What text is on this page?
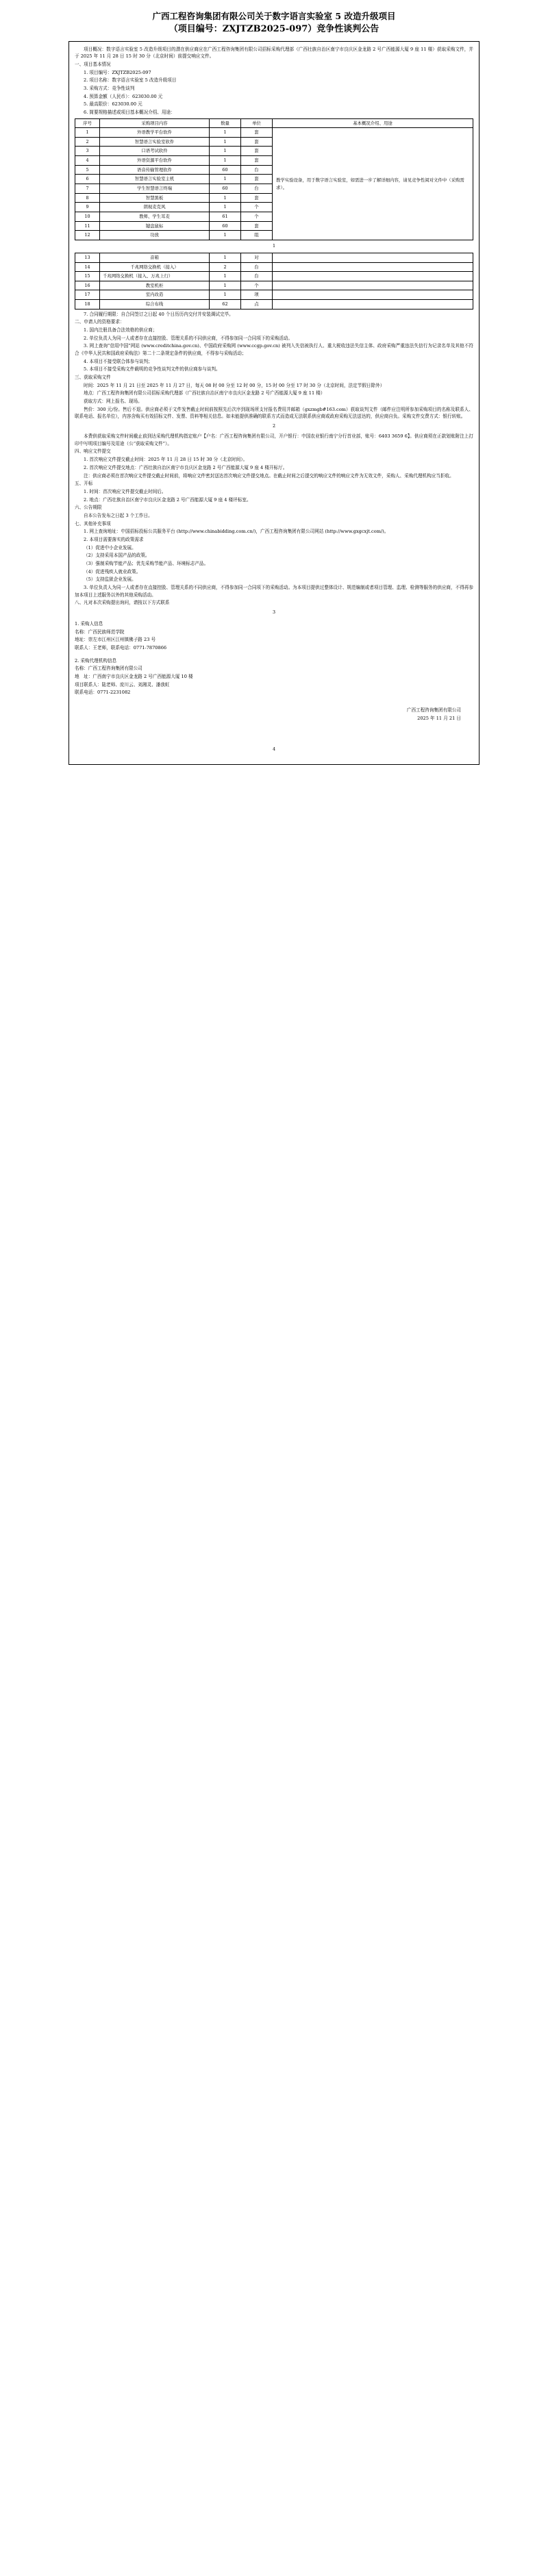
广西工程咨询集团有限公司关于数字语言实验室 5 改造升级项目
（项目编号：ZXJTZB2025-097）竞争性谈判公告

项目概况：数字语言实验室 5 改造升级项目的潜在供应商应在广西工程咨询集团有限公司招标采购代理部（广西壮族自治区南宁市良庆区金龙路 2 号广西能源大厦 9 座 11 楼）获取采购文件，并于 2025 年 11 月 28 日 15 时 30 分（北京时间）前提交响应文件。

一、项目基本情况

1. 项目编号：ZXJTZB2025-097

2. 项目名称：数字语言实验室 5 改造升级项目

3. 采购方式：竞争性谈判

4. 预算金额（人民币）：623030.00 元

5. 最高限价：623030.00 元

6. 简要规格描述或项目基本概况介绍、用途：

序号	采购项目内容	数量	单位	基本概况介绍、用途
1	外语教学平台软件	1	套	教学实验设备，用于数字语言实验室，如需进一步了解详细内容，请见竞争性阅对文件中（采购需求）。
2	智慧语言实验室软件	1	套	
3	口语考试软件	1	套	
4	外语资源平台软件	1	套	
5	语音传输管理软件	60	台	
6	智慧语言实验室主机	1	套	
7	学生智慧语言终端	60	台	
8	智慧黑板	1	套	
9	朗视麦克风	1	个	
10	教师、学生耳麦	61	个	
11	键盘鼠标	60	套	
12	功放	1	组	
1
13	音箱	1	对	
14	千兆网络交换机（接入）	2	台	
15	千兆网络交换机（接入、万兆上行）	1	台	
16	教室机柜	1	个	
17	室内改造	1	项	
18	综合布线	62	点	

7. 合同履行期限：自合同签订之日起 40 个日历历内交付并安装调试完毕。

二、申请人的资格要求：

1. 国内注册具备合法效格的供应商；

2. 单位负责人为同一人或者存在直接控股、管理关系的不同供应商，不得参加同一合同项下的采购活动。

3. 网上查询“信用中国”网站 (www.creditchina.gov.cn)、中国政府采购网 (www.ccgp.gov.cn) 被列入失信被执行人、重大税收违法失信主体、政府采购严重违法失信行为记录名单及其他不符合《中华人民共和国政府采购法》第二十二条规定条件的供应商，不得参与采购活动；

4. 本项目不接受联合体参与谈判；

5. 本项目不接受采购文件载明的竞争性谈判文件的供应商参与谈判。

三、获取采购文件

时间：2025 年 11 月 21 日至 2025 年 11 月 27 日，每天 08 时 00 分至 12 时 00 分，15 时 00 分至 17 时 30 分（北京时间，法定节假日除外）

地点：广西工程咨询集团有限公司招标采购代理部（广西壮族自治区南宁市良庆区金龙路 2 号广西能源大厦 9 座 11 楼）

获取方式：网上报名、现场。

售价：300 元/份。售后不退。供应商必须于文件发售截止时间前按照先后次序到现场所支付报名费用并邮箱（gxzmgb#163.com）获取谈判文件（邮件应注明所参加采购项目的名称及联系人、联系电话、报名单位），内容含购买有效招标文件、发票、资料等相关信息。如未能提供准确的联系方式而造成无法联系供应商或政府采购无法送达的，供应商自负。采购文件交费方式：银行转账。

2

本费供获取采购文件时间截止前到达采购代理机构指定账户【户名：广西工程咨询集团有限公司，开户银行：中国农业银行南宁分行首业部，账号：6403 3659 6】。供应商须在正款划账附注上打印中写明项目编号及用途（公“获取采购文件”）。

四、响应文件提交

1. 首次响应文件提交截止时间：2025 年 11 月 28 日 15 时 30 分（北京时间）。

2. 首次响应文件提交地点：广西壮族自治区南宁市良庆区金龙路 2 号广西能源大厦 9 座 4 楼开标厅。

注：供应商必须在首次响应文件提交截止时间前，将响应文件密封送达首次响应文件提交地点。在截止时间之后提交的响应文件的响应文件为无效文件，采购人、采购代理机构应当拒收。

五、开标

1. 时间：首次响应文件提交截止时间后。

2. 地点：广西壮族自治区南宁市良庆区金龙路 2 号广西能源大厦 9 座 4 楼评标室。

六、公告期限

自本公告发布之日起 3 个工作日。

七、其他补充事项

1. 网上查询地址：中国招标投标公共服务平台 (http://www.chinabidding.com.cn/)，广西工程咨询集团有限公司网站 (http://www.gxgcxjt.com/)。

2. 本项目需要落实的政策需求

（1）促进中小企业发展。

（2）支持采用本国产品的政策。

（3）强制采购节能产品；优先采购节能产品、环境标志产品。

（4）促进残疾人就业政策。

（5）支持监狱企业发展。

3. 单位负责人为同一人或者存在直接控股、管理关系的不同供应商，不得参加同一合同项下的采购活动。为本项目提供过整体设计、规范编制或者项目管理、监理、检测等服务的供应商，不得再参加本项目上述服务以外的其他采购活动。

八、凡对本次采购提出询问，请按以下方式联系

3

1. 采购人信息

名称：广西民族师范学院

地址：崇左市江州区江州镇佛子路 23 号

联系人：王老师，联系电话：0771-7870866

2. 采购代理机构信息

名称：广西工程咨询集团有限公司

地　址：广西南宁市良庆区金龙路 2 号广西能源大厦 10 楼

项目联系人：陆老师、庞川云、刘湘灵、潘我虹

联系电话：0771-2231082

广西工程咨询集团有限公司
2025 年 11 月 21 日
4
